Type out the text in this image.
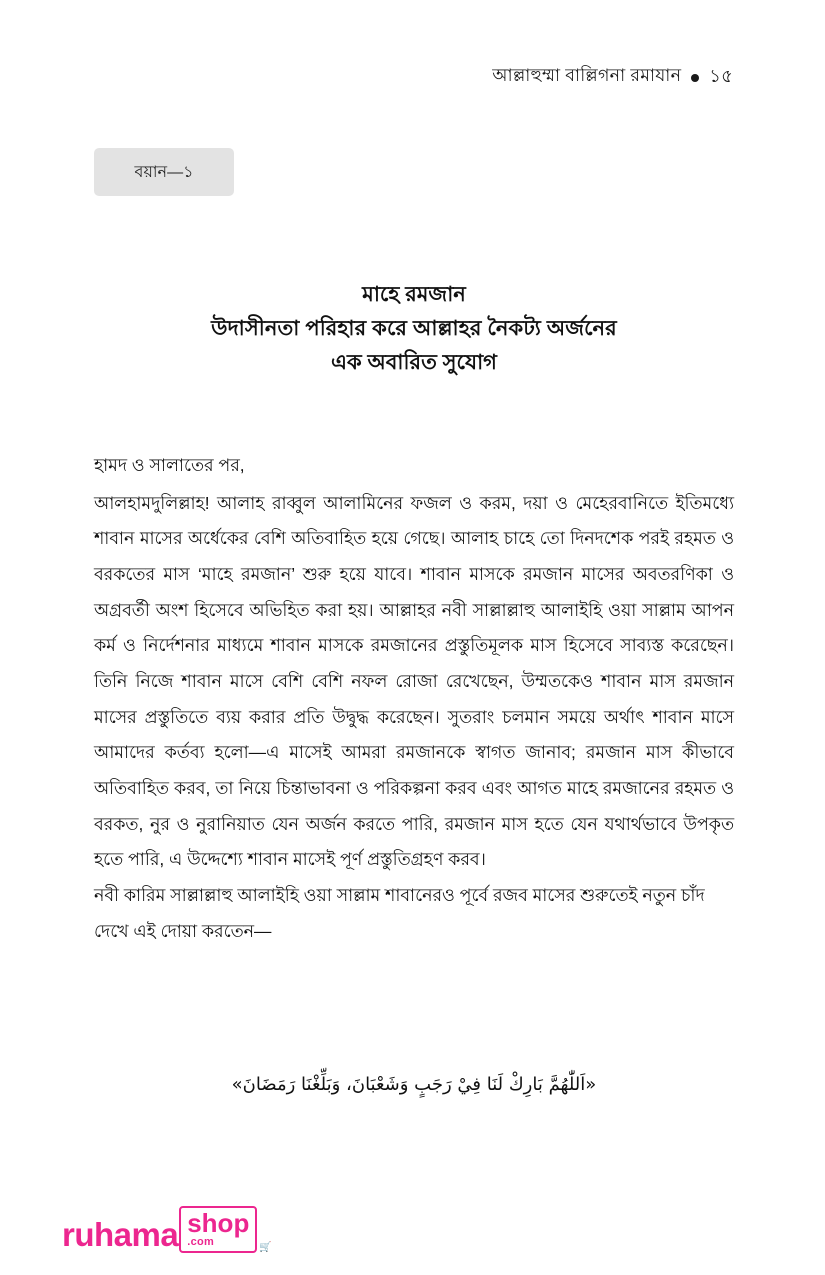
আল্লাহুম্মা বাল্লিগনা রমাযান ১৫
বয়ান—১
মাহে রমজান
উদাসীনতা পরিহার করে আল্লাহর নৈকট্য অর্জনের
এক অবারিত সুযোগ

হামদ ও সালাতের পর,

আলহামদুলিল্লাহ! আলাহ রাব্বুল আলামিনের ফজল ও করম, দয়া ও মেহেরবানিতে ইতিমধ্যে শাবান মাসের অর্ধেকের বেশি অতিবাহিত হয়ে গেছে। আলাহ চাহে তো দিনদশেক পরই রহমত ও বরকতের মাস ‘মাহে রমজান’ শুরু হয়ে যাবে। শাবান মাসকে রমজান মাসের অবতরণিকা ও অগ্রবর্তী অংশ হিসেবে অভিহিত করা হয়। আল্লাহর নবী সাল্লাল্লাহু আলাইহি ওয়া সাল্লাম আপন কর্ম ও নির্দেশনার মাধ্যমে শাবান মাসকে রমজানের প্রস্তুতিমূলক মাস হিসেবে সাব্যস্ত করেছেন। তিনি নিজে শাবান মাসে বেশি বেশি নফল রোজা রেখেছেন, উম্মতকেও শাবান মাস রমজান মাসের প্রস্তুতিতে ব্যয় করার প্রতি উদ্বুদ্ধ করেছেন। সুতরাং চলমান সময়ে অর্থাৎ শাবান মাসে আমাদের কর্তব্য হলো—এ মাসেই আমরা রমজানকে স্বাগত জানাব; রমজান মাস কীভাবে অতিবাহিত করব, তা নিয়ে চিন্তাভাবনা ও পরিকল্পনা করব এবং আগত মাহে রমজানের রহমত ও বরকত, নুর ও নুরানিয়াত যেন অর্জন করতে পারি, রমজান মাস হতে যেন যথার্থভাবে উপকৃত হতে পারি, এ উদ্দেশ্যে শাবান মাসেই পূর্ণ প্রস্তুতিগ্রহণ করব।

নবী কারিম সাল্লাল্লাহু আলাইহি ওয়া সাল্লাম শাবানেরও পূর্বে রজব মাসের শুরুতেই নতুন চাঁদ দেখে এই দোয়া করতেন—

«اَللّٰهُمَّ بَارِكْ لَنَا فِيْ رَجَبٍ وَشَعْبَانَ، وَبَلِّغْنَا رَمَضَانَ»
ruhama shop
.com	🛒
